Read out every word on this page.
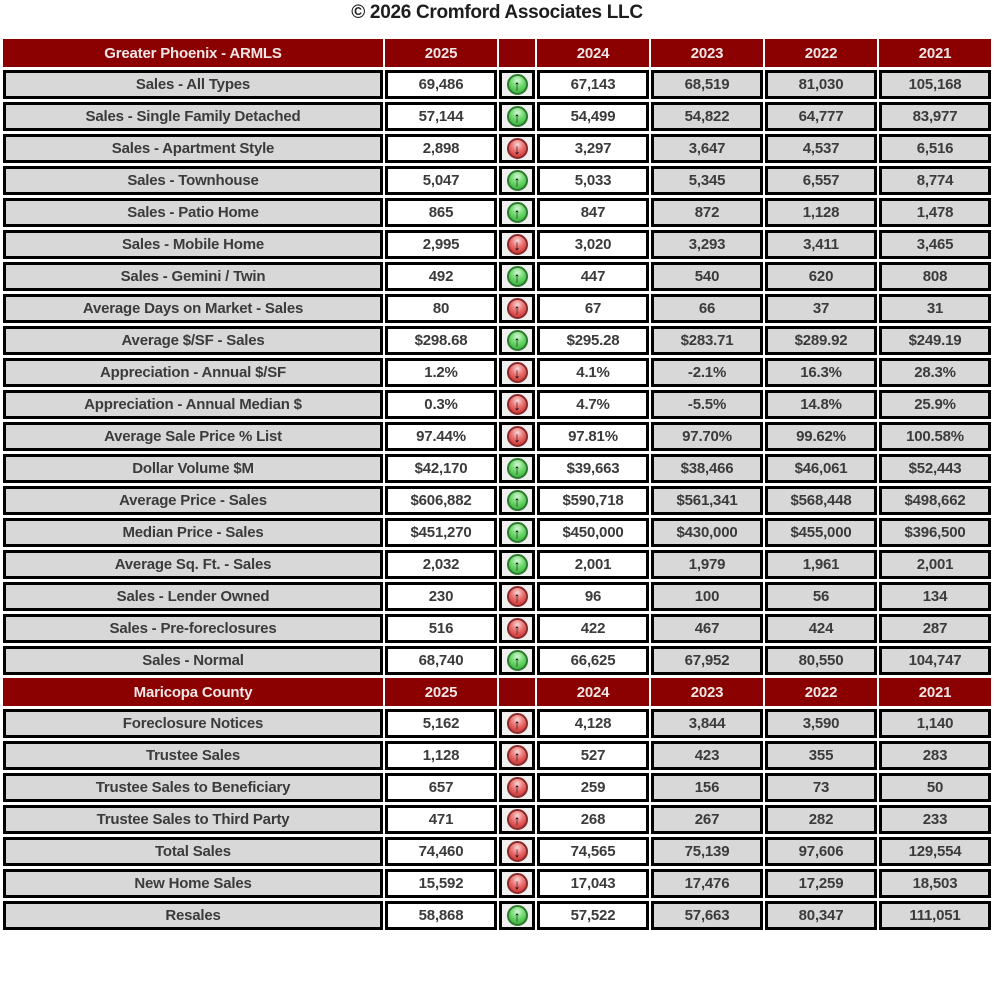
© 2026 Cromford Associates LLC
Greater Phoenix - ARMLS	2025		2024	2023	2022	2021
Sales - All Types	69,486	↑	67,143	68,519	81,030	105,168
Sales - Single Family Detached	57,144	↑	54,499	54,822	64,777	83,977
Sales - Apartment Style	2,898	↓	3,297	3,647	4,537	6,516
Sales - Townhouse	5,047	↑	5,033	5,345	6,557	8,774
Sales - Patio Home	865	↑	847	872	1,128	1,478
Sales - Mobile Home	2,995	↓	3,020	3,293	3,411	3,465
Sales - Gemini / Twin	492	↑	447	540	620	808
Average Days on Market - Sales	80	↑	67	66	37	31
Average $/SF - Sales	$298.68	↑	$295.28	$283.71	$289.92	$249.19
Appreciation - Annual $/SF	1.2%	↓	4.1%	-2.1%	16.3%	28.3%
Appreciation - Annual Median $	0.3%	↓	4.7%	-5.5%	14.8%	25.9%
Average Sale Price % List	97.44%	↓	97.81%	97.70%	99.62%	100.58%
Dollar Volume $M	$42,170	↑	$39,663	$38,466	$46,061	$52,443
Average Price - Sales	$606,882	↑	$590,718	$561,341	$568,448	$498,662
Median Price - Sales	$451,270	↑	$450,000	$430,000	$455,000	$396,500
Average Sq. Ft. - Sales	2,032	↑	2,001	1,979	1,961	2,001
Sales - Lender Owned	230	↑	96	100	56	134
Sales - Pre-foreclosures	516	↑	422	467	424	287
Sales - Normal	68,740	↑	66,625	67,952	80,550	104,747
Maricopa County	2025		2024	2023	2022	2021
Foreclosure Notices	5,162	↑	4,128	3,844	3,590	1,140
Trustee Sales	1,128	↑	527	423	355	283
Trustee Sales to Beneficiary	657	↑	259	156	73	50
Trustee Sales to Third Party	471	↑	268	267	282	233
Total Sales	74,460	↓	74,565	75,139	97,606	129,554
New Home Sales	15,592	↓	17,043	17,476	17,259	18,503
Resales	58,868	↑	57,522	57,663	80,347	111,051
